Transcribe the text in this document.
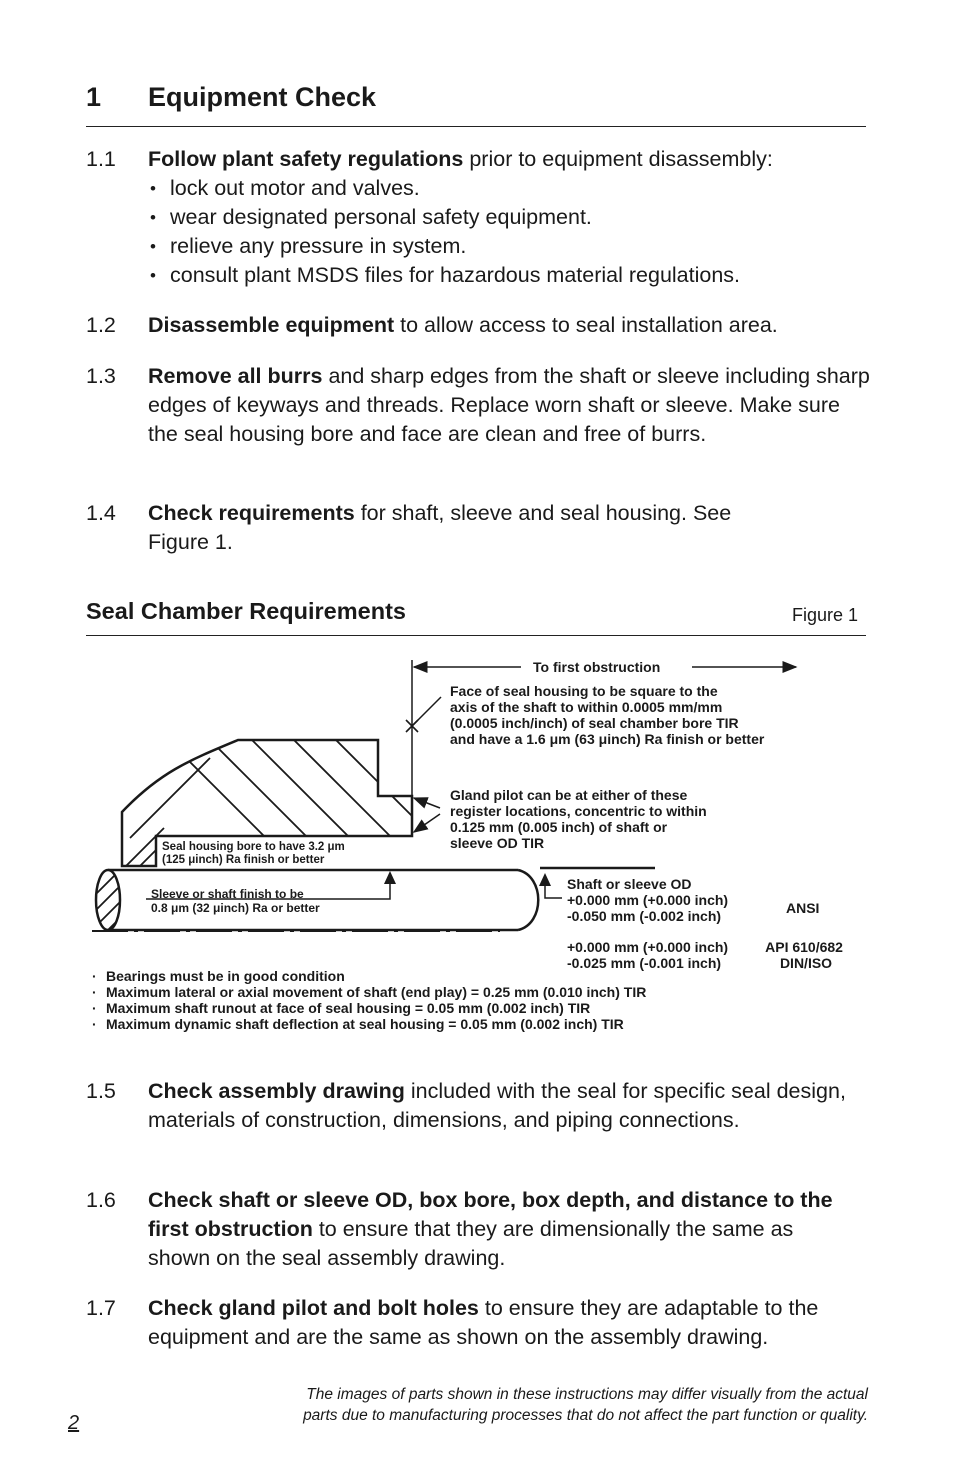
1 Equipment Check
1.1 Follow plant safety regulations prior to equipment disassembly:
• lock out motor and valves.
• wear designated personal safety equipment.
• relieve any pressure in system.
• consult plant MSDS files for hazardous material regulations.
1.2 Disassemble equipment to allow access to seal installation area.
1.3 Remove all burrs and sharp edges from the shaft or sleeve including sharp edges of keyways and threads. Replace worn shaft or sleeve. Make sure the seal housing bore and face are clean and free of burrs.
1.4 Check requirements for shaft, sleeve and seal housing. See Figure 1.
Seal Chamber Requirements	Figure 1
To first obstruction
Face of seal housing to be square to the axis of the shaft to within 0.0005 mm/mm (0.0005 inch/inch) of seal chamber bore TIR and have a 1.6 μm (63 μinch) Ra finish or better
Gland pilot can be at either of these register locations, concentric to within 0.125 mm (0.005 inch) of shaft or sleeve OD TIR
Seal housing bore to have 3.2 μm (125 μinch) Ra finish or better
Sleeve or shaft finish to be 0.8 μm (32 μinch) Ra or better
Shaft or sleeve OD
+0.000 mm (+0.000 inch) -0.050 mm (-0.002 inch)	ANSI
+0.000 mm (+0.000 inch) -0.025 mm (-0.001 inch)
API 610/682 DIN/ISO
· Bearings must be in good condition
· Maximum lateral or axial movement of shaft (end play) = 0.25 mm (0.010 inch) TIR
· Maximum shaft runout at face of seal housing = 0.05 mm (0.002 inch) TIR
· Maximum dynamic shaft deflection at seal housing = 0.05 mm (0.002 inch) TIR
1.5 Check assembly drawing included with the seal for specific seal design, materials of construction, dimensions, and piping connections.
1.6 Check shaft or sleeve OD, box bore, box depth, and distance to the first obstruction to ensure that they are dimensionally the same as shown on the seal assembly drawing.
1.7 Check gland pilot and bolt holes to ensure they are adaptable to the equipment and are the same as shown on the assembly drawing.
The images of parts shown in these instructions may differ visually from the actual
parts due to manufacturing processes that do not affect the part function or quality.
2
